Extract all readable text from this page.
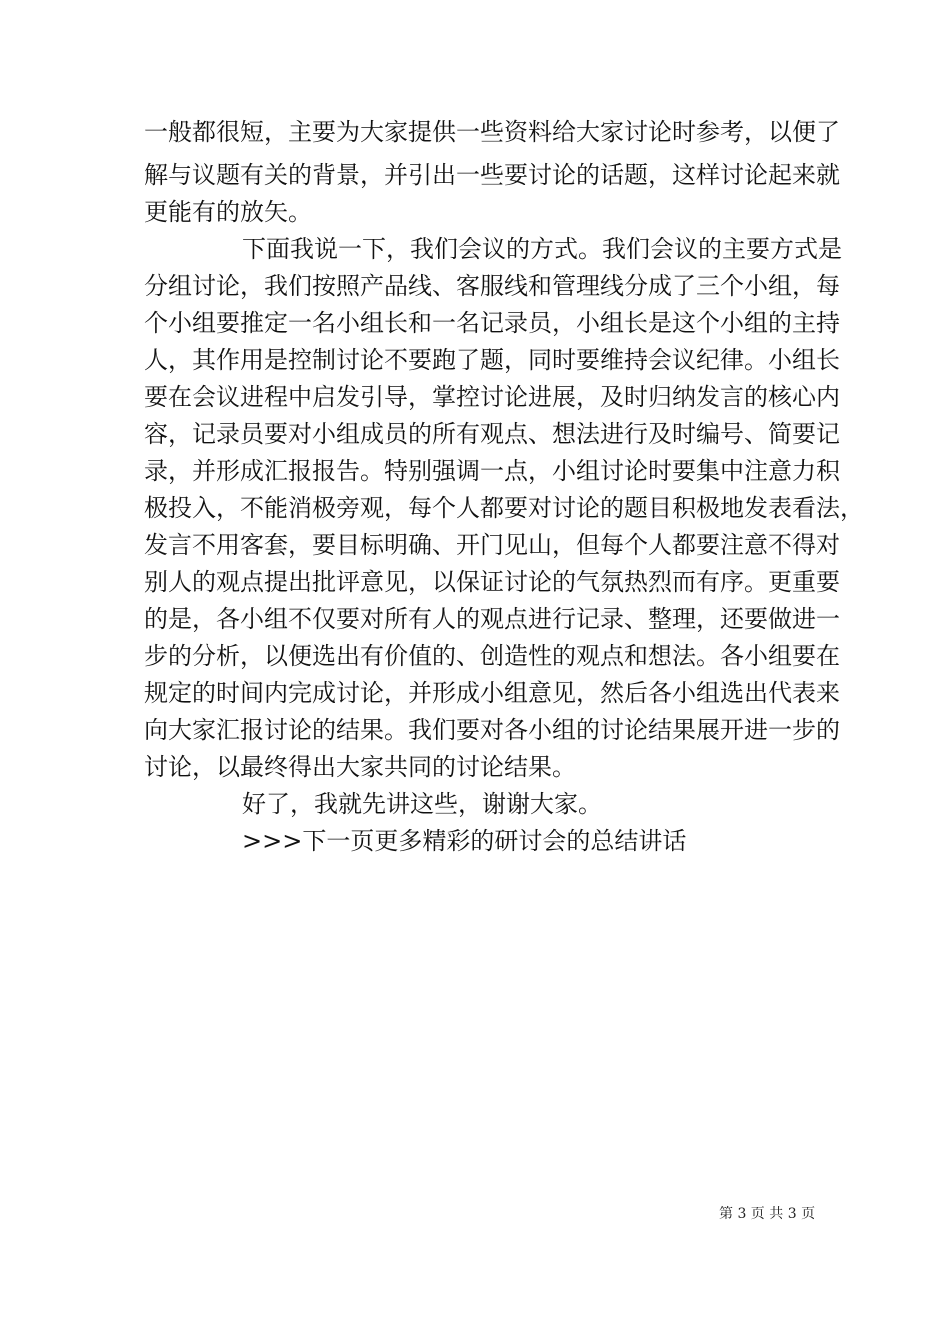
一般都很短，主要为大家提供一些资料给大家讨论时参考，以便了
解与议题有关的背景，并引出一些要讨论的话题，这样讨论起来就
更能有的放矢。
下面我说一下，我们会议的方式。我们会议的主要方式是
分组讨论，我们按照产品线、客服线和管理线分成了三个小组，每
个小组要推定一名小组长和一名记录员，小组长是这个小组的主持
人，其作用是控制讨论不要跑了题，同时要维持会议纪律。小组长
要在会议进程中启发引导，掌控讨论进展，及时归纳发言的核心内
容，记录员要对小组成员的所有观点、想法进行及时编号、简要记
录，并形成汇报报告。特别强调一点，小组讨论时要集中注意力积
极投入，不能消极旁观，每个人都要对讨论的题目积极地发表看法，
发言不用客套，要目标明确、开门见山，但每个人都要注意不得对
别人的观点提出批评意见，以保证讨论的气氛热烈而有序。更重要
的是，各小组不仅要对所有人的观点进行记录、整理，还要做进一
步的分析，以便选出有价值的、创造性的观点和想法。各小组要在
规定的时间内完成讨论，并形成小组意见，然后各小组选出代表来
向大家汇报讨论的结果。我们要对各小组的讨论结果展开进一步的
讨论，以最终得出大家共同的讨论结果。
好了，我就先讲这些，谢谢大家。
>>>下一页更多精彩的研讨会的总结讲话
第 3 页 共 3 页
